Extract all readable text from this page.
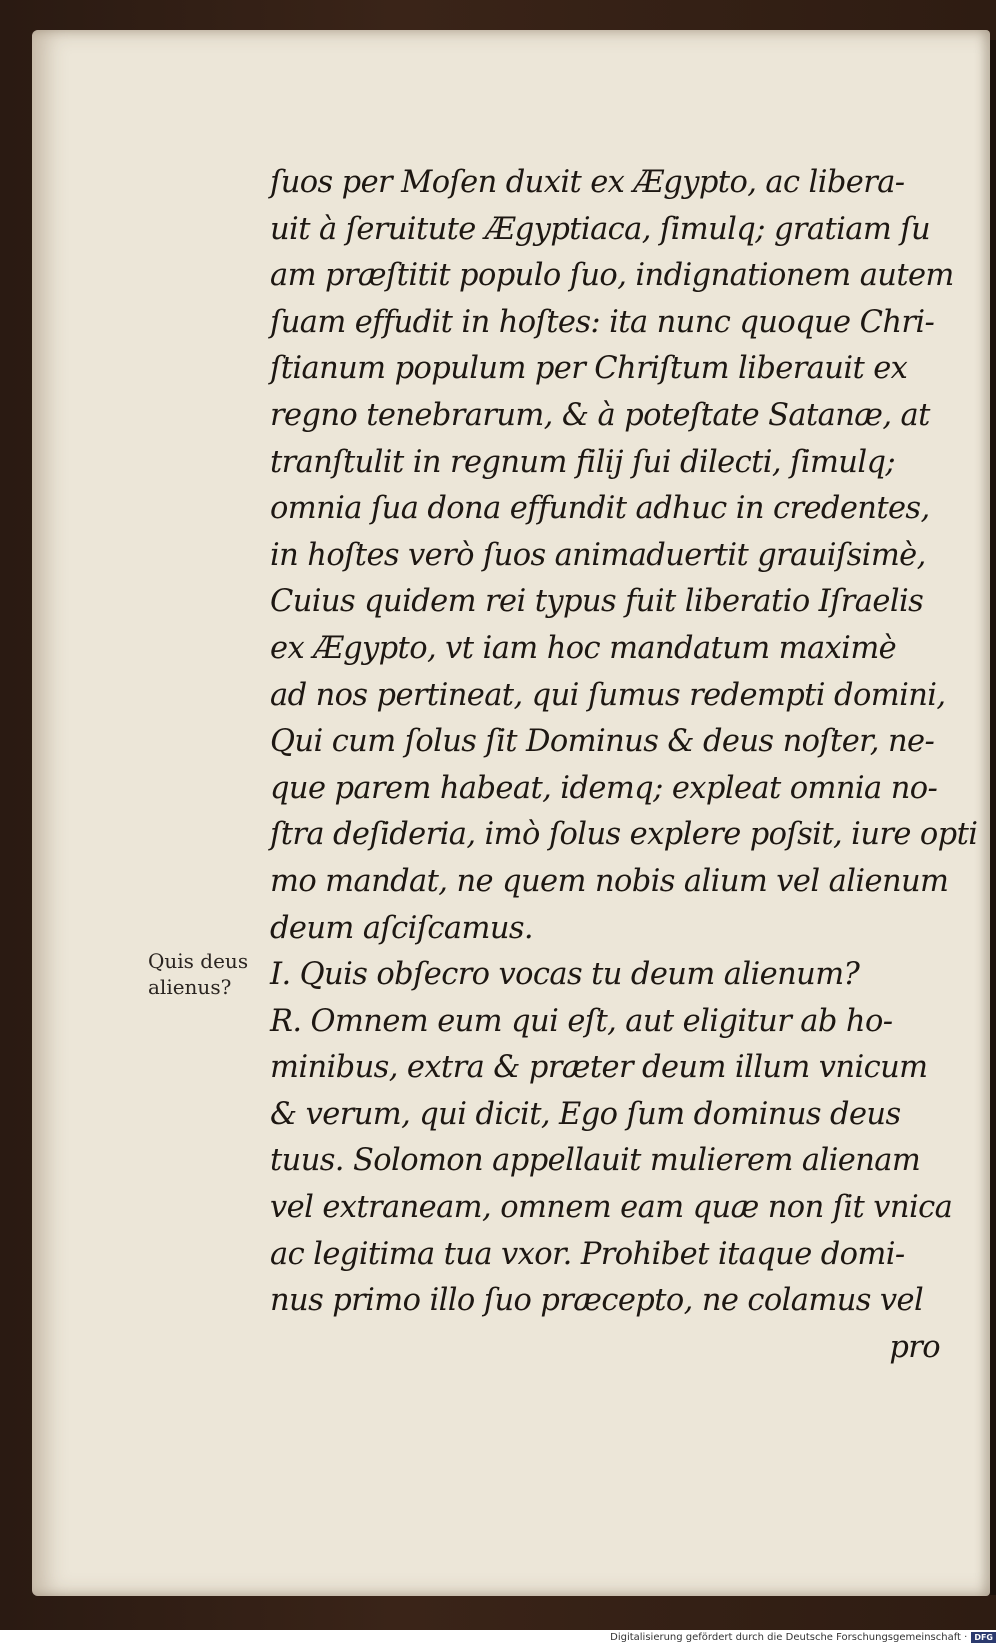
ſuos per Moſen duxit ex Ægypto, ac libera-
uit à ſeruitute Ægyptiaca, ſimulq; gratiam ſu
am præſtitit populo ſuo, indignationem autem
ſuam effudit in hoſtes: ita nunc quoque Chri-
ſtianum populum per Chriſtum liberauit ex
regno tenebrarum, & à poteſtate Satanæ, at
tranſtulit in regnum filij ſui dilecti, ſimulq;
omnia ſua dona effundit adhuc in credentes,
in hoſtes verò ſuos animaduertit grauiſsimè,
Cuius quidem rei typus fuit liberatio Iſraelis
ex Ægypto, vt iam hoc mandatum maximè
ad nos pertineat, qui ſumus redempti domini,
Qui cum ſolus ſit Dominus & deus noſter, ne-
que parem habeat, idemq; expleat omnia no-
ſtra deſideria, imò ſolus explere poſsit, iure opti
mo mandat, ne quem nobis alium vel alienum
deum aſciſcamus.
I. Quis obſecro vocas tu deum alienum?
R. Omnem eum qui eſt, aut eligitur ab ho-
minibus, extra & præter deum illum vnicum
& verum, qui dicit, Ego ſum dominus deus
tuus. Solomon appellauit mulierem alienam
vel extraneam, omnem eam quæ non ſit vnica
ac legitima tua vxor. Prohibet itaque domi-
nus primo illo ſuo præcepto, ne colamus vel
pro
Quis deus
alienus?
Digitalisierung gefördert durch die Deutsche Forschungsgemeinschaft · DFG
